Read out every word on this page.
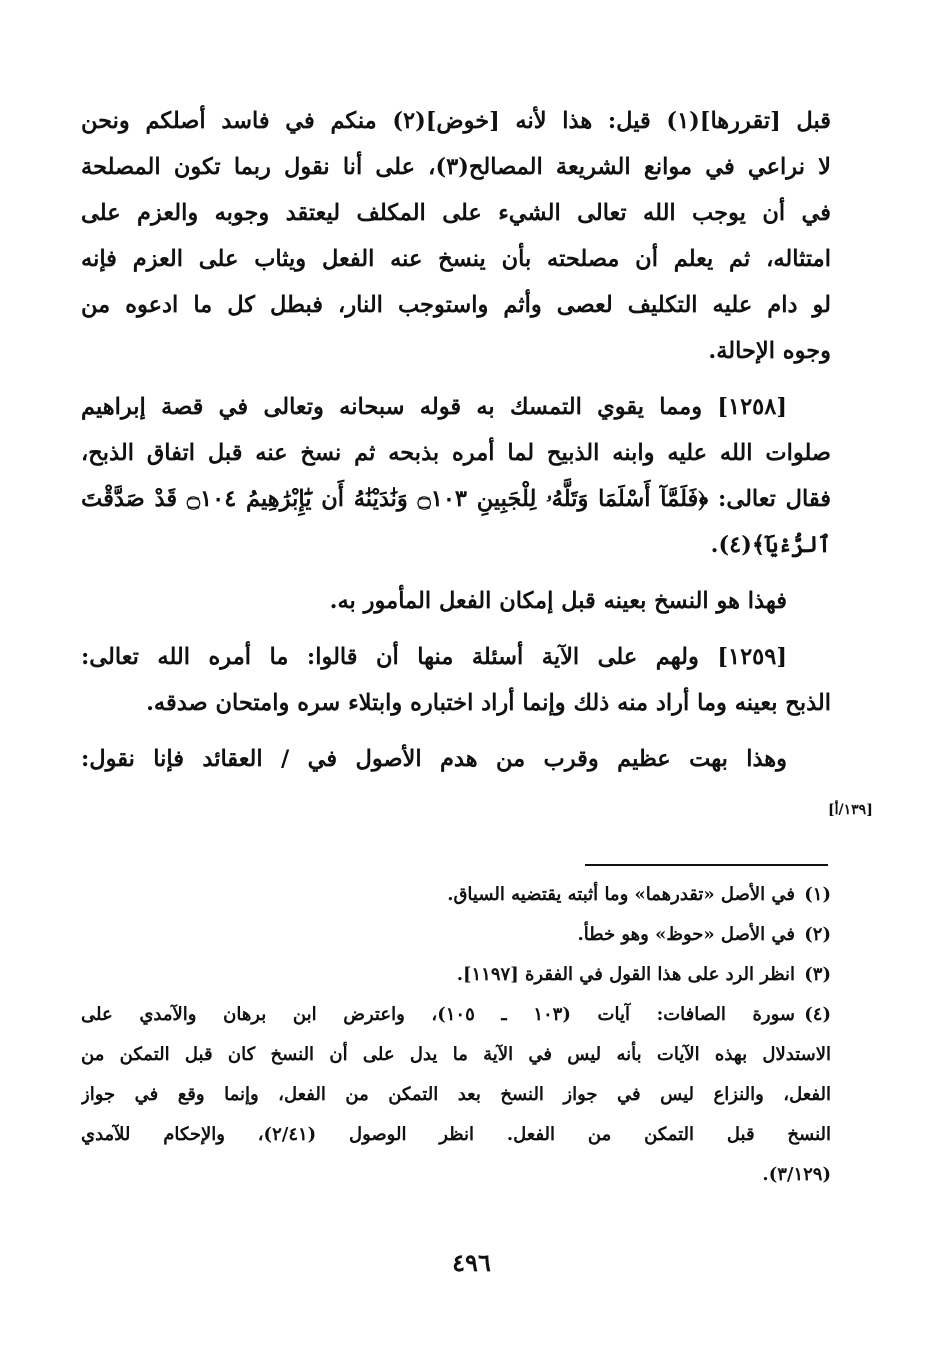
قبل [تقررها](١) قيل: هذا لأنه [خوض](٢) منكم في فاسد أصلكم ونحن
لا نراعي في موانع الشريعة المصالح(٣)، على أنا نقول ربما تكون المصلحة
في أن يوجب الله تعالى الشيء على المكلف ليعتقد وجوبه والعزم على
امتثاله، ثم يعلم أن مصلحته بأن ينسخ عنه الفعل ويثاب على العزم فإنه
لو دام عليه التكليف لعصى وأثم واستوجب النار، فبطل كل ما ادعوه من
وجوه الإحالة.
[١٢٥٨] ومما يقوي التمسك به قوله سبحانه وتعالى في قصة إبراهيم
صلوات الله عليه وابنه الذبيح لما أمره بذبحه ثم نسخ عنه قبل اتفاق الذبح،
فقال تعالى: ﴿فَلَمَّآ أَسْلَمَا وَتَلَّهُۥ لِلْجَبِينِ ۝١٠٣ وَنَٰدَيْنَٰهُ أَن يَٰٓإِبْرَٰهِيمُ ۝١٠٤ قَدْ صَدَّقْتَ
ٱلرُّءْيَآ﴾(٤).
فهذا هو النسخ بعينه قبل إمكان الفعل المأمور به.
[١٢٥٩] ولهم على الآية أسئلة منها أن قالوا: ما أمره الله تعالى:
الذبح بعينه وما أراد منه ذلك وإنما أراد اختباره وابتلاء سره وامتحان صدقه.
وهذا بهت عظيم وقرب من هدم الأصول في / العقائد فإنا نقول:
[١٣٩/أ]
(١)
في الأصل «تقدرهما» وما أثبته يقتضيه السياق.
(٢)
في الأصل «حوظ» وهو خطأ.
(٣)
انظر الرد على هذا القول في الفقرة [١١٩٧].
(٤)
سورة الصافات: آيات (١٠٣ ـ ١٠٥)، واعترض ابن برهان والآمدي على
الاستدلال بهذه الآيات بأنه ليس في الآية ما يدل على أن النسخ كان قبل التمكن من
الفعل، والنزاع ليس في جواز النسخ بعد التمكن من الفعل، وإنما وقع في جواز
النسخ قبل التمكن من الفعل. انظر الوصول (٢/٤١)، والإحكام للآمدي
(٣/١٢٩).
٤٩٦
